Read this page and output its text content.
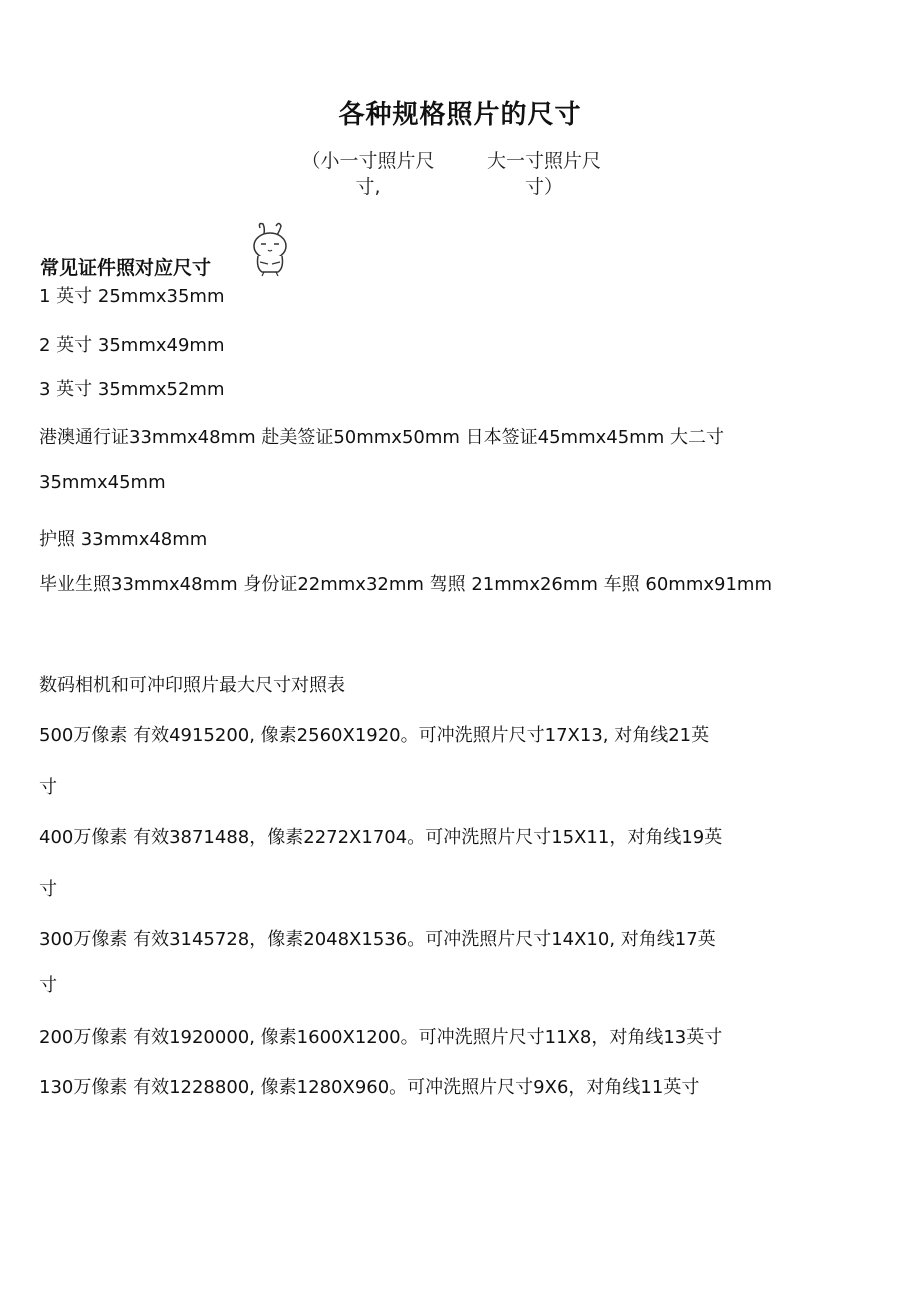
各种规格照片的尺寸
（小一寸照片尺
寸,
大一寸照片尺
寸）
常见证件照对应尺寸
1 英寸 25mmx35mm
2 英寸 35mmx49mm
3 英寸 35mmx52mm
港澳通行证33mmx48mm 赴美签证50mmx50mm 日本签证45mmx45mm 大二寸
35mmx45mm
护照 33mmx48mm
毕业生照33mmx48mm 身份证22mmx32mm 驾照 21mmx26mm 车照 60mmx91mm
数码相机和可冲印照片最大尺寸对照表
500万像素 有效4915200, 像素2560X1920。可冲洗照片尺寸17X13, 对角线21英
寸
400万像素 有效3871488，像素2272X1704。可冲洗照片尺寸15X11，对角线19英
寸
300万像素 有效3145728，像素2048X1536。可冲洗照片尺寸14X10, 对角线17英
寸
200万像素 有效1920000, 像素1600X1200。可冲洗照片尺寸11X8，对角线13英寸
130万像素 有效1228800, 像素1280X960。可冲洗照片尺寸9X6，对角线11英寸
